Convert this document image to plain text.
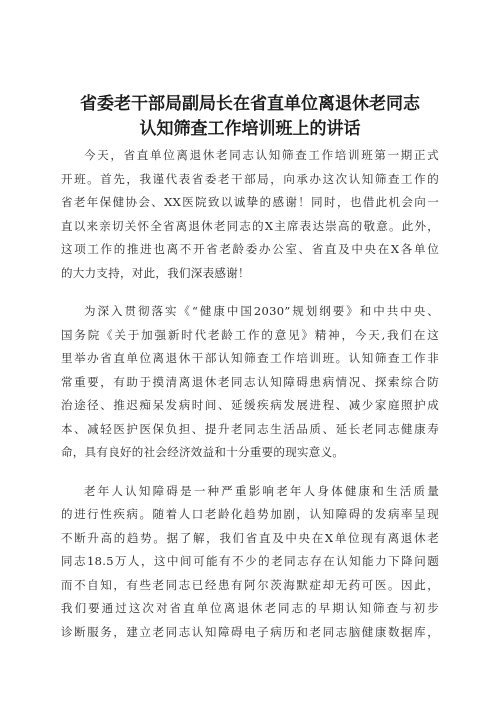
省委老干部局副局长在省直单位离退休老同志
认知筛查工作培训班上的讲话
今天，省直单位离退休老同志认知筛查工作培训班第一期正式
开班。首先，我谨代表省委老干部局，向承办这次认知筛查工作的
省老年保健协会、XX医院致以诚挚的感谢！同时，也借此机会向一
直以来亲切关怀全省离退休老同志的X主席表达崇高的敬意。此外，
这项工作的推进也离不开省老龄委办公室、省直及中央在X各单位
的大力支持，对此，我们深表感谢！
为深入贯彻落实《“健康中国2030”规划纲要》和中共中央、
国务院《关于加强新时代老龄工作的意见》精神，今天,我们在这
里举办省直单位离退休干部认知筛查工作培训班。认知筛查工作非
常重要，有助于摸清离退休老同志认知障碍患病情况、探索综合防
治途径、推迟痴呆发病时间、延缓疾病发展进程、减少家庭照护成
本、减轻医护医保负担、提升老同志生活品质、延长老同志健康寿
命，具有良好的社会经济效益和十分重要的现实意义。
老年人认知障碍是一种严重影响老年人身体健康和生活质量
的进行性疾病。随着人口老龄化趋势加剧，认知障碍的发病率呈现
不断升高的趋势。据了解，我们省直及中央在X单位现有离退休老
同志18.5万人，这中间可能有不少的老同志存在认知能力下降问题
而不自知，有些老同志已经患有阿尔茨海默症却无药可医。因此，
我们要通过这次对省直单位离退休老同志的早期认知筛查与初步
诊断服务，建立老同志认知障碍电子病历和老同志脑健康数据库，
